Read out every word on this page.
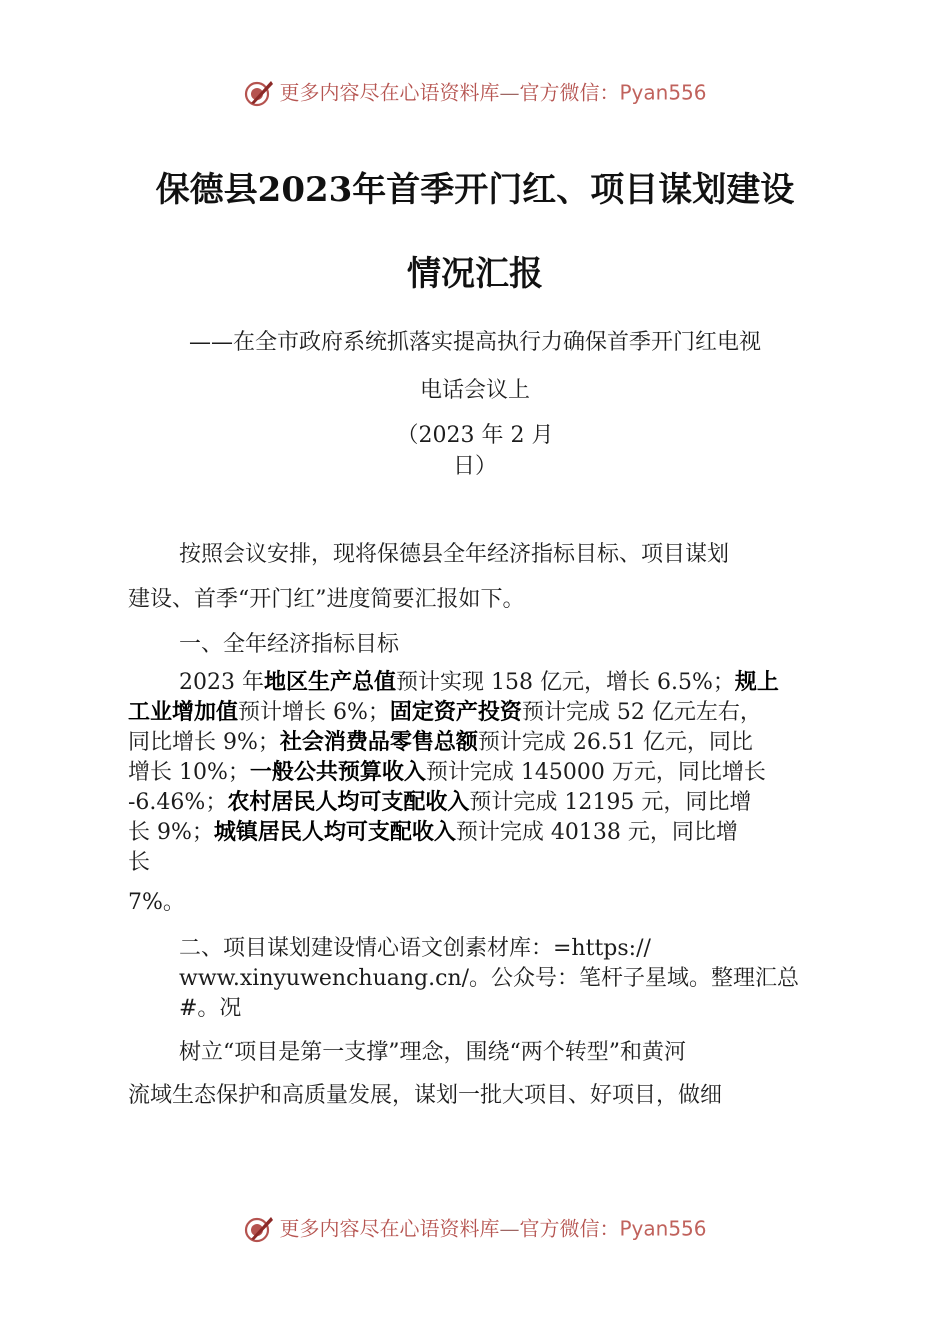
更多内容尽在心语资料库—官方微信：Pyan556
保德县2023年首季开门红、项目谋划建设
情况汇报
——在全市政府系统抓落实提高执行力确保首季开门红电视
电话会议上
（2023 年 2 月
日）
按照会议安排，现将保德县全年经济指标目标、项目谋划
建设、首季“开门红”进度简要汇报如下。
一、全年经济指标目标
2023 年地区生产总值预计实现 158 亿元，增长 6.5%；规上
工业增加值预计增长 6%；固定资产投资预计完成 52 亿元左右，
同比增长 9%；社会消费品零售总额预计完成 26.51 亿元，同比
增长 10%；一般公共预算收入预计完成 145000 万元，同比增长
-6.46%；农村居民人均可支配收入预计完成 12195 元，同比增
长 9%；城镇居民人均可支配收入预计完成 40138 元，同比增
长
7%。
二、项目谋划建设情心语文创素材库：=https://
www.xinyuwenchuang.cn/。公众号：笔杆子星域。整理汇总
#。况
树立“项目是第一支撑”理念，围绕“两个转型”和黄河
流域生态保护和高质量发展，谋划一批大项目、好项目，做细
更多内容尽在心语资料库—官方微信：Pyan556
